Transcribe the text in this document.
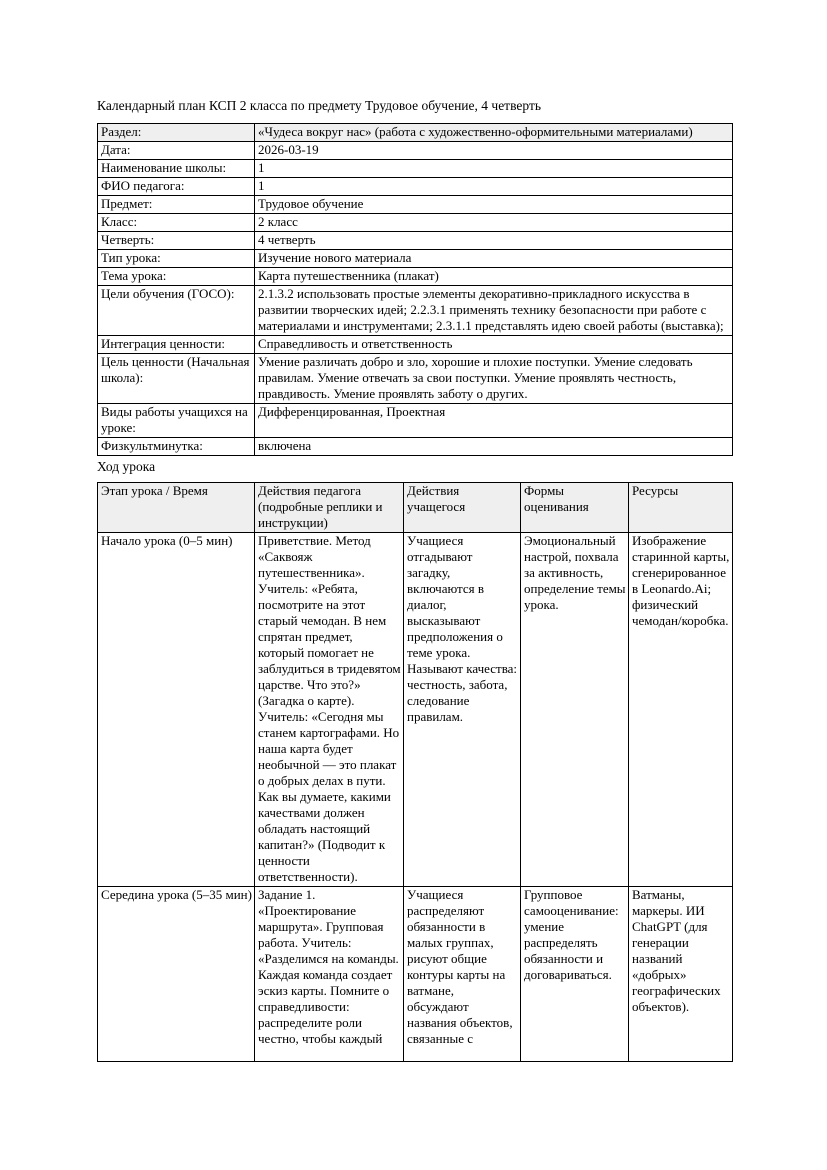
Календарный план КСП 2 класса по предмету Трудовое обучение, 4 четверть

Раздел:	«Чудеса вокруг нас» (работа с художественно-оформительными материалами)
Дата:	2026-03-19
Наименование школы:	1
ФИО педагога:	1
Предмет:	Трудовое обучение
Класс:	2 класс
Четверть:	4 четверть
Тип урока:	Изучение нового материала
Тема урока:	Карта путешественника (плакат)
Цели обучения (ГОСО):	2.1.3.2 использовать простые элементы декоративно-прикладного искусства в развитии творческих идей; 2.2.3.1 применять технику безопасности при работе с материалами и инструментами; 2.3.1.1 представлять идею своей работы (выставка);
Интеграция ценности:	Справедливость и ответственность
Цель ценности (Начальная школа):	Умение различать добро и зло, хорошие и плохие поступки. Умение следовать правилам. Умение отвечать за свои поступки. Умение проявлять честность, правдивость. Умение проявлять заботу о других.
Виды работы учащихся на уроке:	Дифференцированная, Проектная
Физкультминутка:	включена

Ход урока

Этап урока / Время	Действия педагога (подробные реплики и инструкции)	Действия учащегося	Формы оценивания	Ресурсы
Начало урока (0–5 мин)	Приветствие. Метод «Саквояж путешественника». Учитель: «Ребята, посмотрите на этот старый чемодан. В нем спрятан предмет, который помогает не заблудиться в тридевятом царстве. Что это?» (Загадка о карте). Учитель: «Сегодня мы станем картографами. Но наша карта будет необычной — это плакат о добрых делах в пути. Как вы думаете, какими качествами должен обладать настоящий капитан?» (Подводит к ценности ответственности).	Учащиеся отгадывают загадку, включаются в диалог, высказывают предположения о теме урока. Называют качества: честность, забота, следование правилам.	Эмоциональный настрой, похвала за активность, определение темы урока.	Изображение старинной карты, сгенерированное в Leonardo.Ai; физический чемодан/коробка.

Середина урока (5–35 мин)	Задание 1. «Проектирование маршрута». Групповая работа. Учитель: «Разделимся на команды. Каждая команда создает эскиз карты. Помните о справедливости: распределите роли честно, чтобы каждый	Учащиеся распределяют обязанности в малых группах, рисуют общие контуры карты на ватмане, обсуждают названия объектов, связанные с	Групповое самооценивание: умение распределять обязанности и договариваться.	Ватманы, маркеры. ИИ ChatGPT (для генерации названий «добрых» географических объектов).
